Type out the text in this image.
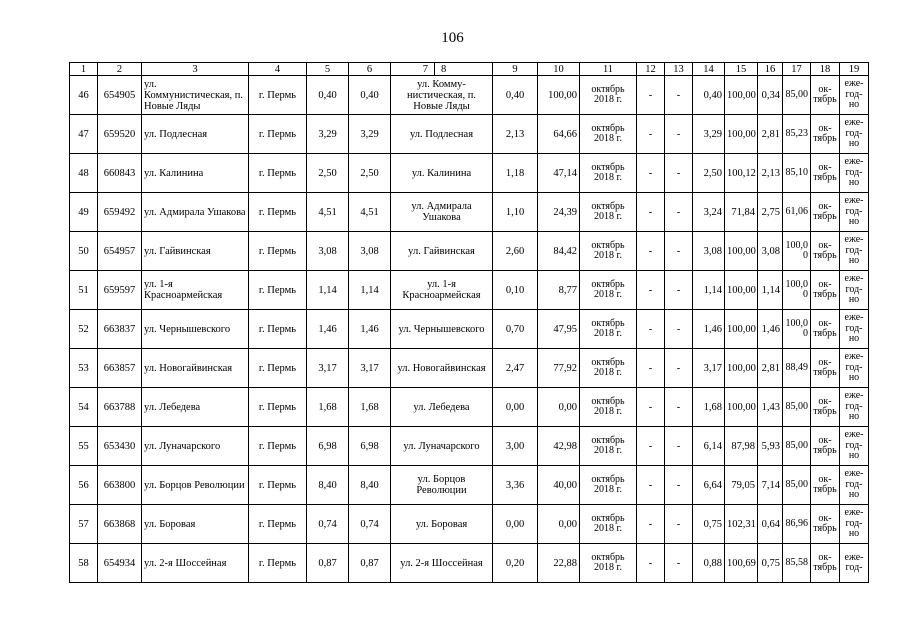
106
1	2	3	4	5	6	7	8	9	10	11	12	13	14	15	16	17	18	19
46	654905	ул. Коммунистическая, п. Новые Ляды	г. Пермь	0,40	0,40	ул. Комму-нистическая, п. Новые Ляды		0,40	100,00	октябрь 2018 г.	-	-	0,40	100,00	0,34	85,00	ок-тябрь	еже-год-но
47	659520	ул. Подлесная	г. Пермь	3,29	3,29	ул. Подлесная		2,13	64,66	октябрь 2018 г.	-	-	3,29	100,00	2,81	85,23	ок-тябрь	еже-год-но
48	660843	ул. Калинина	г. Пермь	2,50	2,50	ул. Калинина		1,18	47,14	октябрь 2018 г.	-	-	2,50	100,12	2,13	85,10	ок-тябрь	еже-год-но
49	659492	ул. Адмирала Ушакова	г. Пермь	4,51	4,51	ул. Адмирала Ушакова		1,10	24,39	октябрь 2018 г.	-	-	3,24	71,84	2,75	61,06	ок-тябрь	еже-год-но
50	654957	ул. Гайвинская	г. Пермь	3,08	3,08	ул. Гайвинская		2,60	84,42	октябрь 2018 г.	-	-	3,08	100,00	3,08	100,0 0	ок-тябрь	еже-год-но
51	659597	ул. 1-я Красноармейская	г. Пермь	1,14	1,14	ул. 1-я Красноармейская		0,10	8,77	октябрь 2018 г.	-	-	1,14	100,00	1,14	100,0 0	ок-тябрь	еже-год-но
52	663837	ул. Чернышевского	г. Пермь	1,46	1,46	ул. Чернышевского		0,70	47,95	октябрь 2018 г.	-	-	1,46	100,00	1,46	100,0 0	ок-тябрь	еже-год-но
53	663857	ул. Новогайвинская	г. Пермь	3,17	3,17	ул. Новогайвинская		2,47	77,92	октябрь 2018 г.	-	-	3,17	100,00	2,81	88,49	ок-тябрь	еже-год-но
54	663788	ул. Лебедева	г. Пермь	1,68	1,68	ул. Лебедева		0,00	0,00	октябрь 2018 г.	-	-	1,68	100,00	1,43	85,00	ок-тябрь	еже-год-но
55	653430	ул. Луначарского	г. Пермь	6,98	6,98	ул. Луначарского		3,00	42,98	октябрь 2018 г.	-	-	6,14	87,98	5,93	85,00	ок-тябрь	еже-год-но
56	663800	ул. Борцов Революции	г. Пермь	8,40	8,40	ул. Борцов Революции		3,36	40,00	октябрь 2018 г.	-	-	6,64	79,05	7,14	85,00	ок-тябрь	еже-год-но
57	663868	ул. Боровая	г. Пермь	0,74	0,74	ул. Боровая		0,00	0,00	октябрь 2018 г.	-	-	0,75	102,31	0,64	86,96	ок-тябрь	еже-год-но
58	654934	ул. 2-я Шоссейная	г. Пермь	0,87	0,87	ул. 2-я Шоссейная		0,20	22,88	октябрь 2018 г.	-	-	0,88	100,69	0,75	85,58	ок-тябрь	еже-год-
